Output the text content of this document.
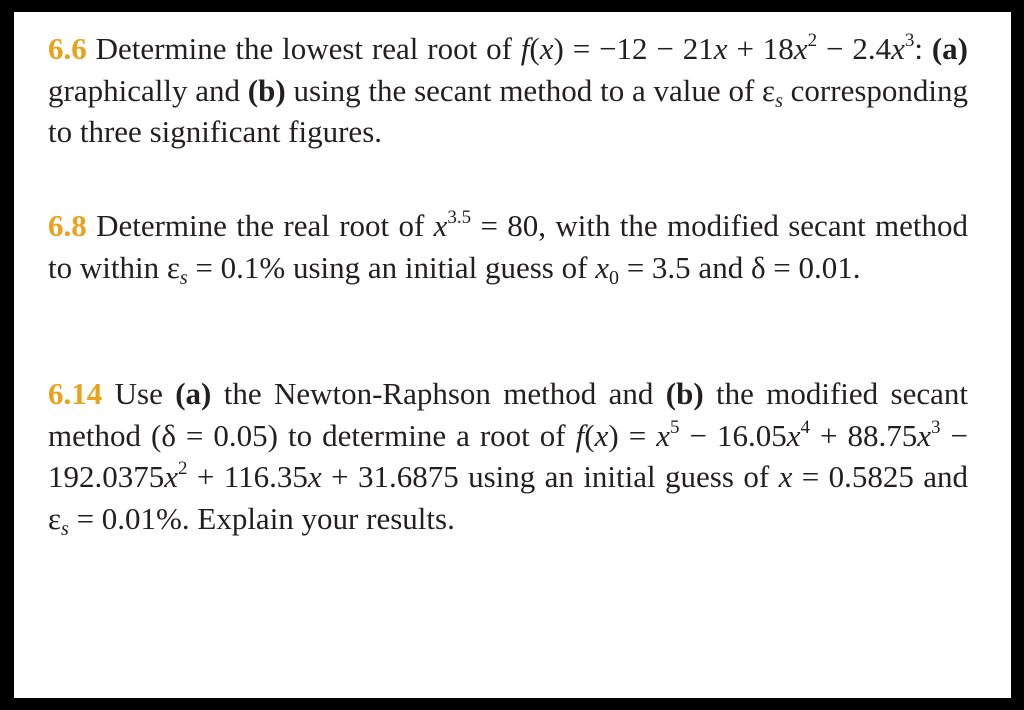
6.6 Determine the lowest real root of $f(x) = -12 - 21x + 18x^2 - 2.4x^3$: (a) graphically and (b) using the secant method to a value of $\varepsilon_s$ corresponding to three significant figures.
6.8 Determine the real root of $x^{3.5} = 80$, with the modified secant method to within $\varepsilon_s = 0.1\%$ using an initial guess of $x_0 = 3.5$ and δ = 0.01.
6.14 Use (a) the Newton-Raphson method and (b) the modified secant method (δ = 0.05) to determine a root of $f(x) = x^5 - 16.05x^4 + 88.75x^3 - 192.0375x^2 + 116.35x + 31.6875$ using an initial guess of x = 0.5825 and $\varepsilon_s = 0.01\%$. Explain your results.
